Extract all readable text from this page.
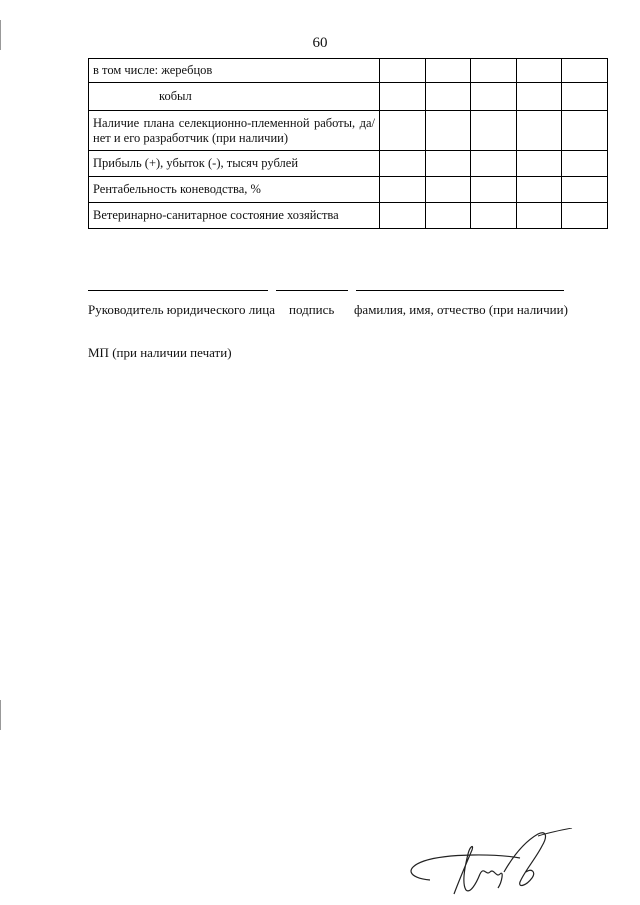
60
в том числе: жеребцов					
кобыл					
Наличие плана селекционно-племенной работы, да/нет и его разработчик (при наличии)					
Прибыль (+), убыток (-), тысяч рублей					
Рентабельность коневодства, %					
Ветеринарно-санитарное состояние хозяйства					
Руководитель юридического лица подпись фамилия, имя, отчество (при наличии)
МП (при наличии печати)
